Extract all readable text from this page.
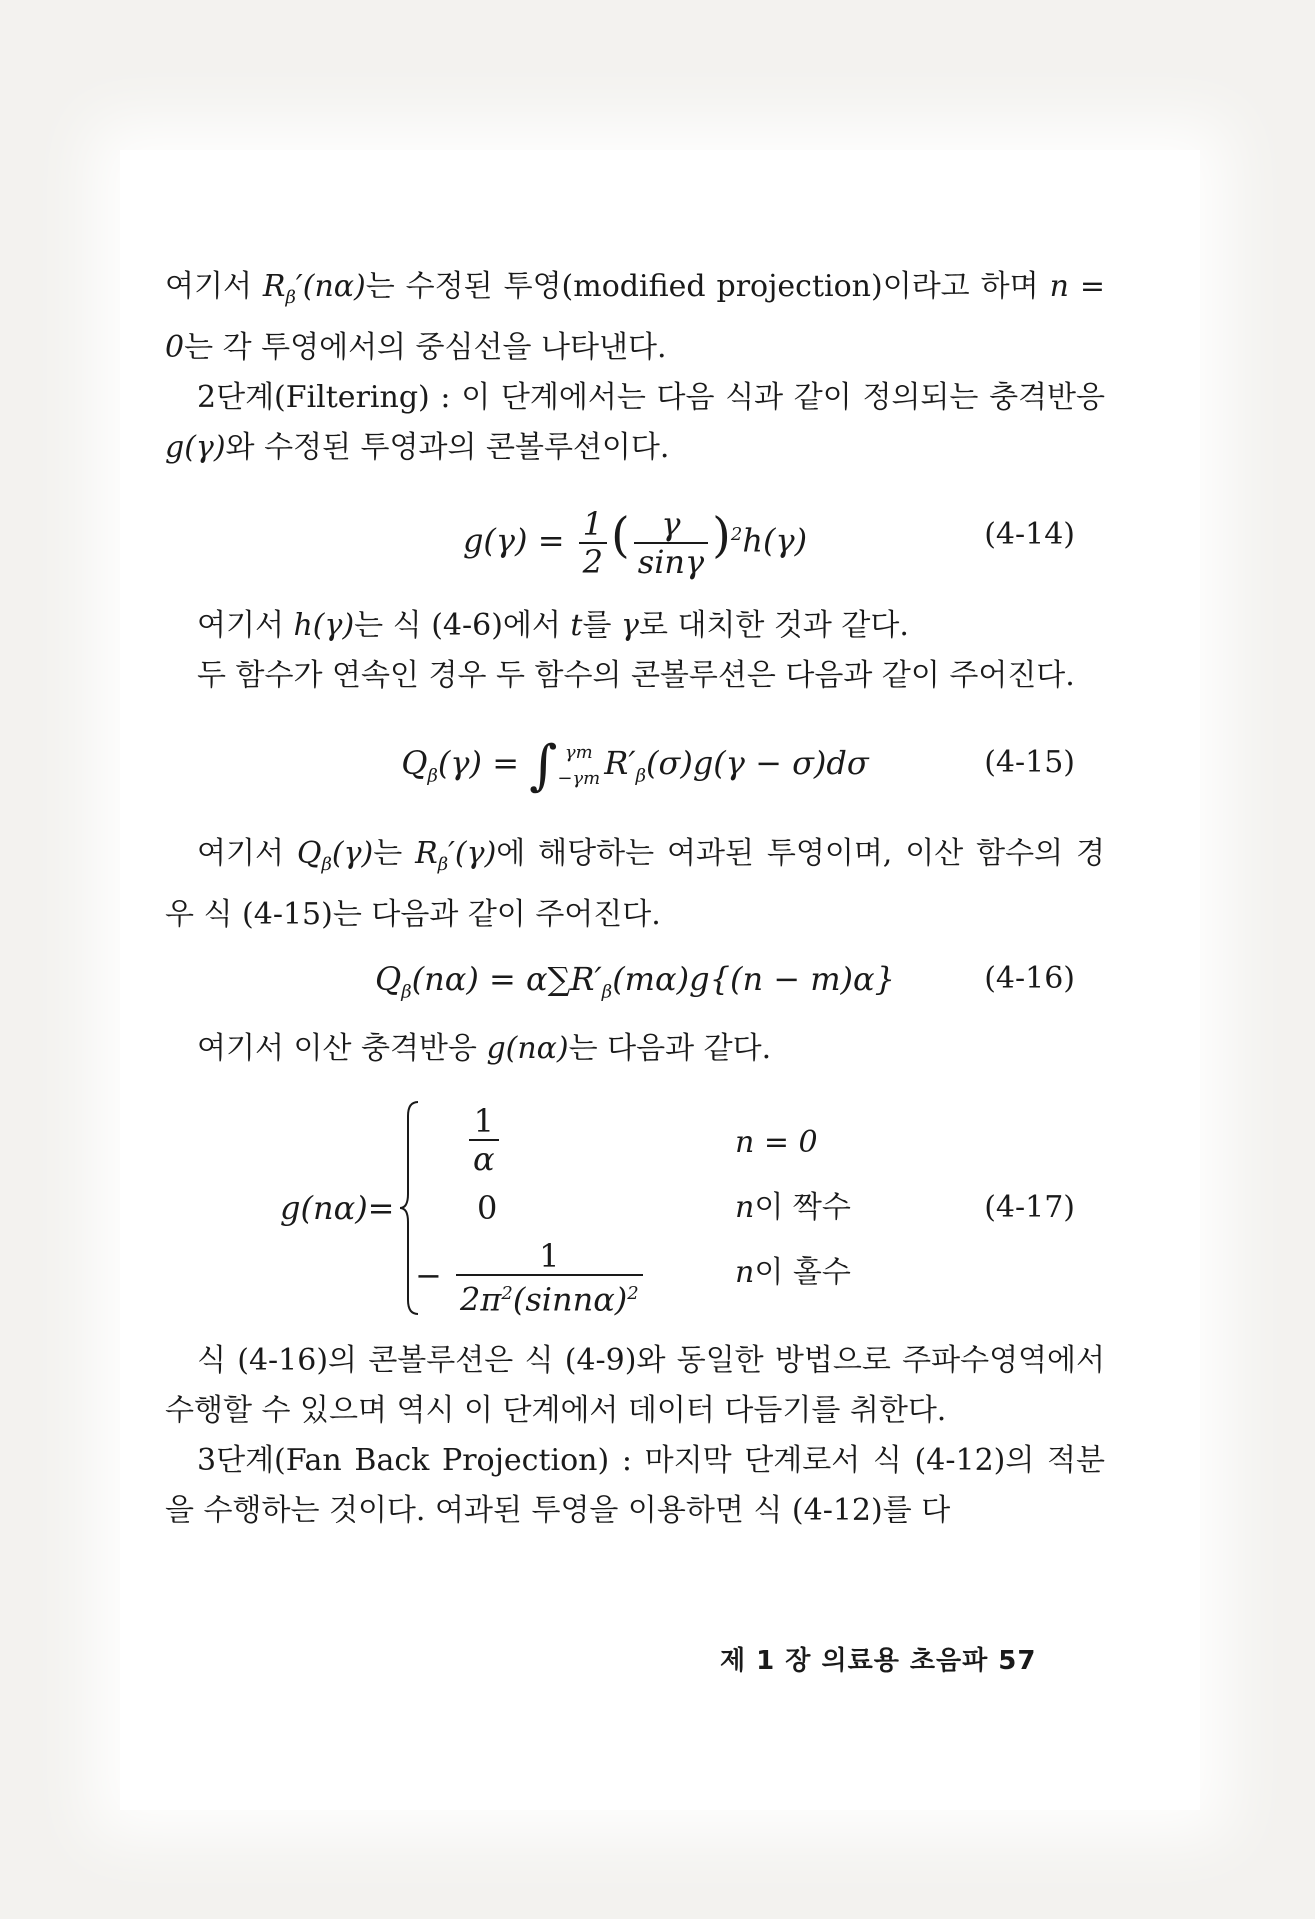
여기서 $R_\beta'(n\alpha)$는 수정된 투영(modified projection)이라고 하며 n = 0는 각 투영에서의 중심선을 나타낸다.

2단계(Filtering) : 이 단계에서는 다음 식과 같이 정의되는 충격반응 g(γ)와 수정된 투영과의 콘볼루션이다.

$g(\gamma) = \frac{1}{2}$ ( $\frac{\gamma}{\sin\gamma} )^2h(\gamma)$	(4-14)

여기서 h(γ)는 식 (4-6)에서 t를 γ로 대치한 것과 같다.

두 함수가 연속인 경우 두 함수의 콘볼루션은 다음과 같이 주어진다.

$Q_\beta(\gamma)$ = ∫ γm
−γm $R'_\beta(\sigma)g(\gamma - \sigma)d\sigma$	(4-15)

여기서 $Q_\beta(\gamma)$는 $R_\beta'(\gamma)$에 해당하는 여과된 투영이며, 이산 함수의 경우 식 (4-15)는 다음과 같이 주어진다.

$Q_\beta(n\alpha) = \alpha\sum R'_\beta(m\alpha)g\{(n - m)\alpha\}$	(4-16)

여기서 이산 충격반응 g(nα)는 다음과 같다.

g(nα)=
$\frac{1}{\alpha}$	n = 0
0	n이 짝수
− $\frac{1}{2\pi^2(\sin n\alpha)^2}$	n이 홀수
(4-17)

식 (4-16)의 콘볼루션은 식 (4-9)와 동일한 방법으로 주파수영역에서 수행할 수 있으며 역시 이 단계에서 데이터 다듬기를 취한다.

3단계(Fan Back Projection) : 마지막 단계로서 식 (4-12)의 적분을 수행하는 것이다. 여과된 투영을 이용하면 식 (4-12)를 다

제 1 장 의료용 초음파 57
